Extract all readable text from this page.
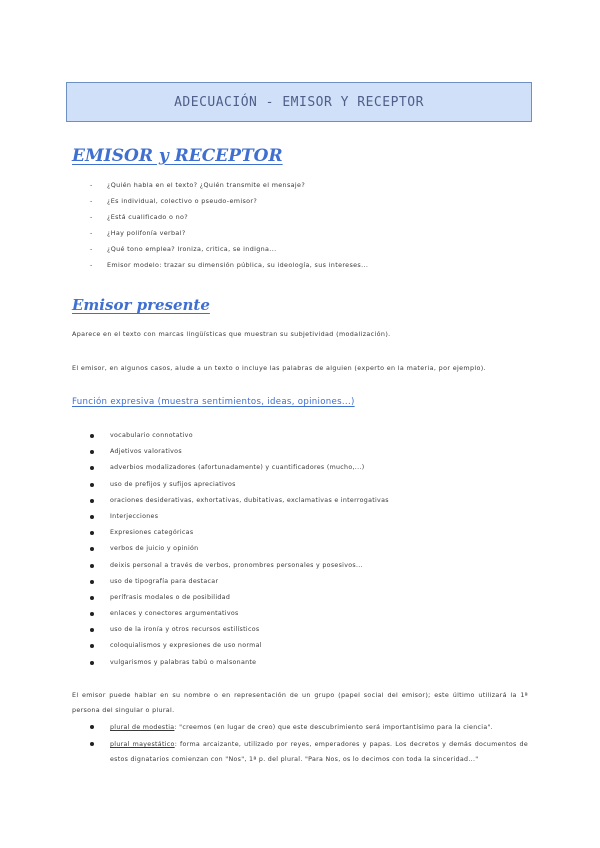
ADECUACIÓN - EMISOR Y RECEPTOR
EMISOR y RECEPTOR
- ¿Quién habla en el texto? ¿Quién transmite el mensaje?
- ¿Es individual, colectivo o pseudo-emisor?
- ¿Está cualificado o no?
- ¿Hay polifonía verbal?
- ¿Qué tono emplea? Ironiza, critica, se indigna...
- Emisor modelo: trazar su dimensión pública, su ideología, sus intereses...
Emisor presente
Aparece en el texto con marcas lingüísticas que muestran su subjetividad (modalización).
El emisor, en algunos casos, alude a un texto o incluye las palabras de alguien (experto en la materia, por ejemplo).
Función expresiva (muestra sentimientos, ideas, opiniones...)
vocabulario connotativo
Adjetivos valorativos
adverbios modalizadores (afortunadamente) y cuantificadores (mucho,...)
uso de prefijos y sufijos apreciativos
oraciones desiderativas, exhortativas, dubitativas, exclamativas e interrogativas
Interjecciones
Expresiones categóricas
verbos de juicio y opinión
deixis personal a través de verbos, pronombres personales y posesivos...
uso de tipografía para destacar
perífrasis modales o de posibilidad
enlaces y conectores argumentativos
uso de la ironía y otros recursos estilísticos
coloquialismos y expresiones de uso normal
vulgarismos y palabras tabú o malsonante
El emisor puede hablar en su nombre o en representación de un grupo (papel social del emisor); este último utilizará la 1ª persona del singular o plural.
plural de modestia: "creemos (en lugar de creo) que este descubrimiento será importantísimo para la ciencia".
plural mayestático: forma arcaizante, utilizado por reyes, emperadores y papas. Los decretos y demás documentos de estos dignatarios comienzan con "Nos", 1ª p. del plural. "Para Nos, os lo decimos con toda la sinceridad..."
